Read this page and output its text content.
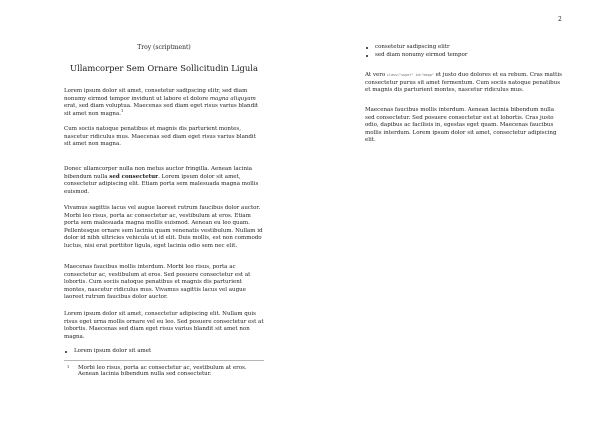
2
Troy (scriptment)
Ullamcorper Sem Ornare Sollicitudin Ligula

Lorem ipsum dolor sit amet, consetetur sadipscing elitr, sed diam nonumy eirmod tempor invidunt ut labore et dolore magna aliquyam erat, sed diam voluptua. Maecenas sed diam eget risus varius blandit sit amet non magna.$^1$

Cum sociis natoque penatibus et magnis dis parturient montes, nascetur ridiculus mus. Maecenas sed diam eget risus varius blandit sit amet non magna.

Donec ullamcorper nulla non metus auctor fringilla. Aenean lacinia bibendum nulla sed consectetur. Lorem ipsum dolor sit amet, consectetur adipiscing elit. Etiam porta sem malesuada magna mollis euismod.

Vivamus sagittis lacus vel augue laoreet rutrum faucibus dolor auctor. Morbi leo risus, porta ac consectetur ac, vestibulum at eros. Etiam porta sem malesuada magna mollis euismod. Aenean eu leo quam. Pellentesque ornare sem lacinia quam venenatis vestibulum. Nullam id dolor id nibh ultricies vehicula ut id elit. Duis mollis, est non commodo luctus, nisi erat porttitor ligula, eget lacinia odio sem nec elit.

Maecenas faucibus mollis interdum. Morbi leo risus, porta ac consectetur ac, vestibulum at eros. Sed posuere consectetur est at lobortis. Cum sociis natoque penatibus et magnis dis parturient montes, nascetur ridiculus mus. Vivamus sagittis lacus vel augue laoreet rutrum faucibus dolor auctor.

Lorem ipsum dolor sit amet, consectetur adipiscing elit. Nullam quis risus eget urna mollis ornare vel eu leo. Sed posuere consectetur est at lobortis. Maecenas sed diam eget risus varius blandit sit amet non magna.

Lorem ipsum dolor sit amet
1	Morbi leo risus, porta ac consectetur ac, vestibulum at eros. Aenean lacinia bibendum nulla sed consectetur.
consetetur sadipscing elitr
sed diam nonumy eirmod tempor

At vero class="super" id="mega" et justo duo dolores et ea rebum. Cras mattis consectetur purus sit amet fermentum. Cum sociis natoque penatibus et magnis dis parturient montes, nascetur ridiculus mus.

Maecenas faucibus mollis interdum. Aenean lacinia bibendum nulla sed consectetur. Sed posuere consectetur est at lobortis. Cras justo odio, dapibus ac facilisis in, egestas eget quam. Maecenas faucibus mollis interdum. Lorem ipsum dolor sit amet, consectetur adipiscing elit.
